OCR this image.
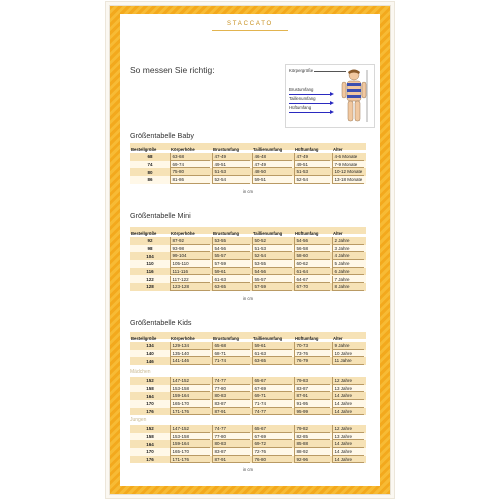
STACCATO
So messen Sie richtig:	Körpergröße
Brustumfang
Taillenumfang
Hüftumfang
Größentabelle Baby
Bestellgröße	Körperhöhe	Brustumfang	Taillienumfang	Hüftumfang	Alter
68	63-68	47-49	46-48	47-49	4-6 Monate

74	69-74	49-51	47-49	49-51	7-9 Monate

80	75-80	51-53	48-50	51-53	10-12 Monate

86	81-86	52-54	59-51	52-54	13-18 Monate
in cm
Größentabelle Mini
Bestellgröße	Körperhöhe	Brustumfang	Taillienumfang	Hüftumfang	Alter
92	87-92	53-55	50-52	54-56	2 Jahre

98	93-98	54-56	51-53	56-58	3 Jahre

104	99-104	55-57	52-54	58-60	4 Jahre

110	105-110	57-59	53-55	60-62	5 Jahre

116	111-116	59-61	54-56	61-64	6 Jahre

122	117-122	61-63	55-57	64-67	7 Jahre

128	123-128	63-65	57-59	67-70	8 Jahre
in cm
Größentabelle Kids
Bestellgröße	Körperhöhe	Brustumfang	Taillienumfang	Hüftumfang	Alter
134	129-134	65-68	59-61	70-73	9 Jahre

140	135-140	68-71	61-63	73-76	10 Jahre

146	141-146	71-74	63-65	76-79	11 Jahre
Mädchen
152	147-152	74-77	65-67	79-83	12 Jahre

158	153-158	77-80	67-69	83-87	13 Jahre

164	159-164	80-83	69-71	87-91	14 Jahre

170	165-170	83-87	71-74	91-95	14 Jahre

176	171-176	87-91	74-77	95-99	14 Jahre
Jungen
152	147-152	74-77	65-67	79-82	12 Jahre

158	153-158	77-80	67-69	82-85	13 Jahre

164	159-164	80-83	69-72	85-88	14 Jahre

170	165-170	83-87	72-76	88-92	14 Jahre

176	171-176	87-91	76-80	92-96	14 Jahre
in cm
